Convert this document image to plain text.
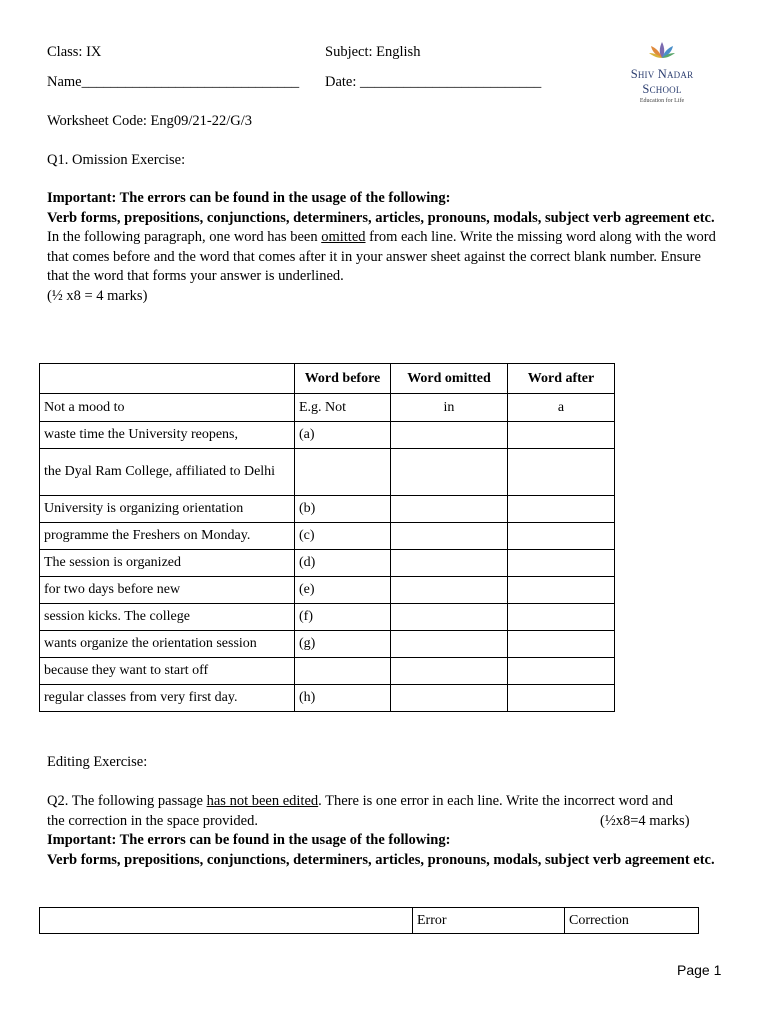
Class: IX	Subject: English
Name______________________________ Date: _________________________	Shiv Nadar School
Education for Life
Worksheet Code: Eng09/21-22/G/3
Q1. Omission Exercise:
Important: The errors can be found in the usage of the following:
Verb forms, prepositions, conjunctions, determiners, articles, pronouns, modals, subject verb agreement etc.
In the following paragraph, one word has been omitted from each line. Write the missing word along with the word that comes before and the word that comes after it in your answer sheet against the correct blank number. Ensure that the word that forms your answer is underlined.
(½ x8 = 4 marks)
	Word before	Word omitted	Word after
Not a mood to	E.g. Not	in	a
waste time the University reopens,	(a)		
the Dyal Ram College, affiliated to Delhi			
University is organizing orientation	(b)		
programme the Freshers on Monday.	(c)		
The session is organized	(d)		
for two days before new	(e)		
session kicks. The college	(f)		
wants organize the orientation session	(g)		
because they want to start off			
regular classes from very first day.	(h)		
Editing Exercise:
Q2. The following passage has not been edited. There is one error in each line. Write the incorrect word and
the correction in the space provided.	(½x8=4 marks)
Important: The errors can be found in the usage of the following:
Verb forms, prepositions, conjunctions, determiners, articles, pronouns, modals, subject verb agreement etc.
	Error	Correction
Page 1
